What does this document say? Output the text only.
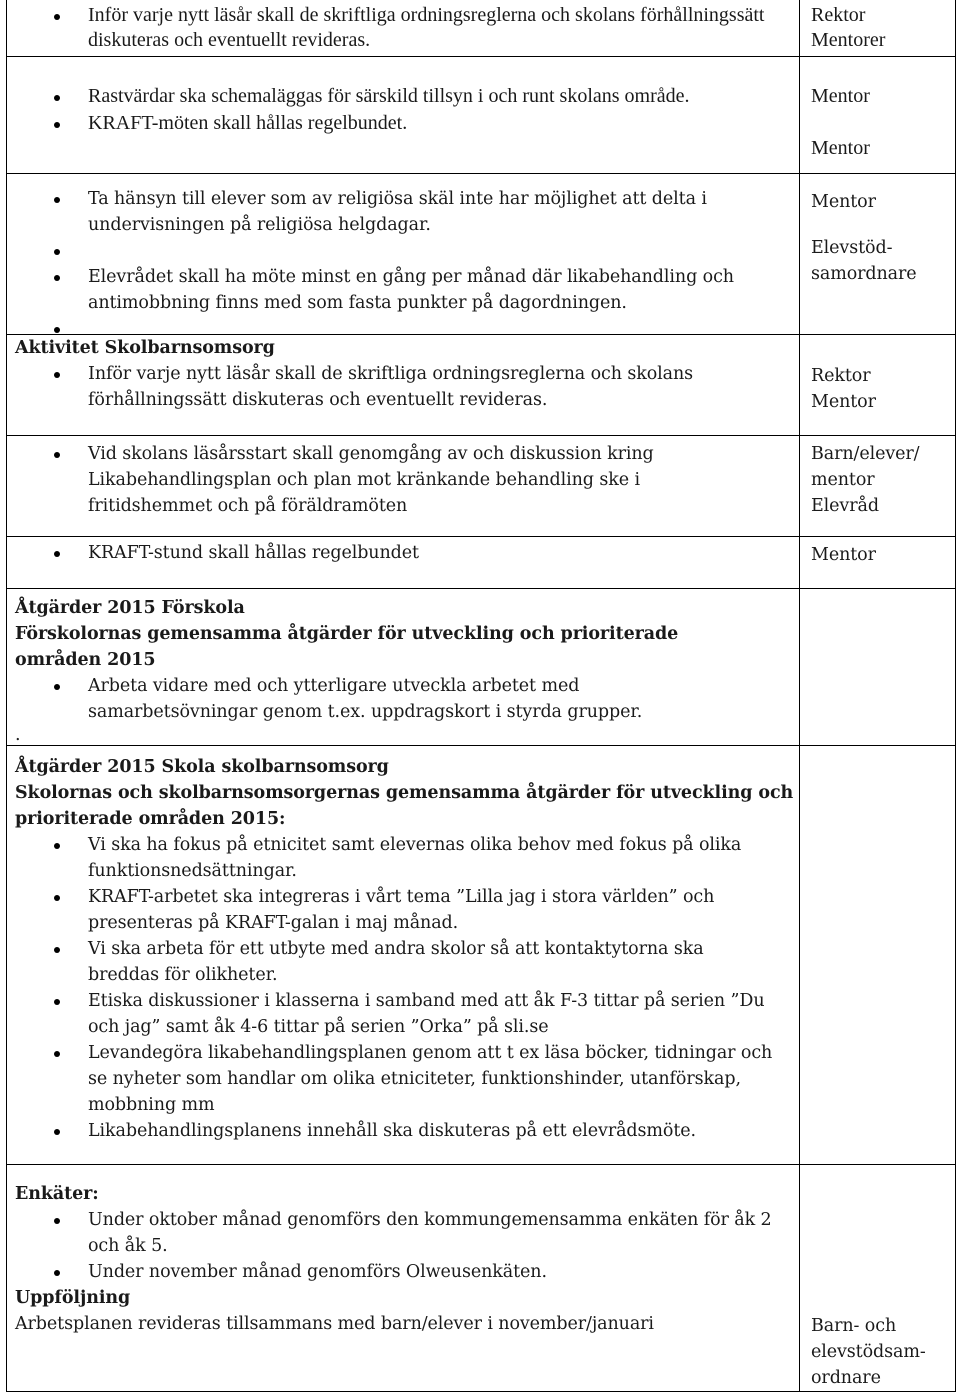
Inför varje nytt läsår skall de skriftliga ordningsreglerna och skolans förhållningssätt diskuteras och eventuellt revideras.
Rektor
Mentorer
Rastvärdar ska schemaläggas för särskild tillsyn i och runt skolans område.
KRAFT-möten skall hållas regelbundet.
Mentor
Mentor
Ta hänsyn till elever som av religiösa skäl inte har möjlighet att delta i undervisningen på religiösa helgdagar.
Elevrådet skall ha möte minst en gång per månad där likabehandling och antimobbning finns med som fasta punkter på dagordningen.
Mentor
Elevstöd-
samordnare
Aktivitet Skolbarnsomsorg
Inför varje nytt läsår skall de skriftliga ordningsreglerna och skolans förhållningssätt diskuteras och eventuellt revideras.
Rektor
Mentor
Vid skolans läsårsstart skall genomgång av och diskussion kring Likabehandlingsplan och plan mot kränkande behandling ske i fritidshemmet och på föräldramöten
Barn/elever/
mentor
Elevråd
KRAFT-stund skall hållas regelbundet	Mentor
Åtgärder 2015 Förskola
Förskolornas gemensamma åtgärder för utveckling och prioriterade områden 2015
Arbeta vidare med och ytterligare utveckla arbetet med samarbetsövningar genom t.ex. uppdragskort i styrda grupper.
.
Åtgärder 2015 Skola skolbarnsomsorg
Skolornas och skolbarnsomsorgernas gemensamma åtgärder för utveckling och prioriterade områden 2015:
Vi ska ha fokus på etnicitet samt elevernas olika behov med fokus på olika funktionsnedsättningar.
KRAFT-arbetet ska integreras i vårt tema ”Lilla jag i stora världen” och presenteras på KRAFT-galan i maj månad.
Vi ska arbeta för ett utbyte med andra skolor så att kontaktytorna ska breddas för olikheter.
Etiska diskussioner i klasserna i samband med att åk F-3 tittar på serien ”Du och jag” samt åk 4-6 tittar på serien ”Orka” på sli.se
Levandegöra likabehandlingsplanen genom att t ex läsa böcker, tidningar och se nyheter som handlar om olika etniciteter, funktionshinder, utanförskap, mobbning mm
Likabehandlingsplanens innehåll ska diskuteras på ett elevrådsmöte.
Enkäter:
Under oktober månad genomförs den kommungemensamma enkäten för åk 2 och åk 5.
Under november månad genomförs Olweusenkäten.
Uppföljning
Arbetsplanen revideras tillsammans med barn/elever i november/januari	Barn- och
elevstödsam-
ordnare
